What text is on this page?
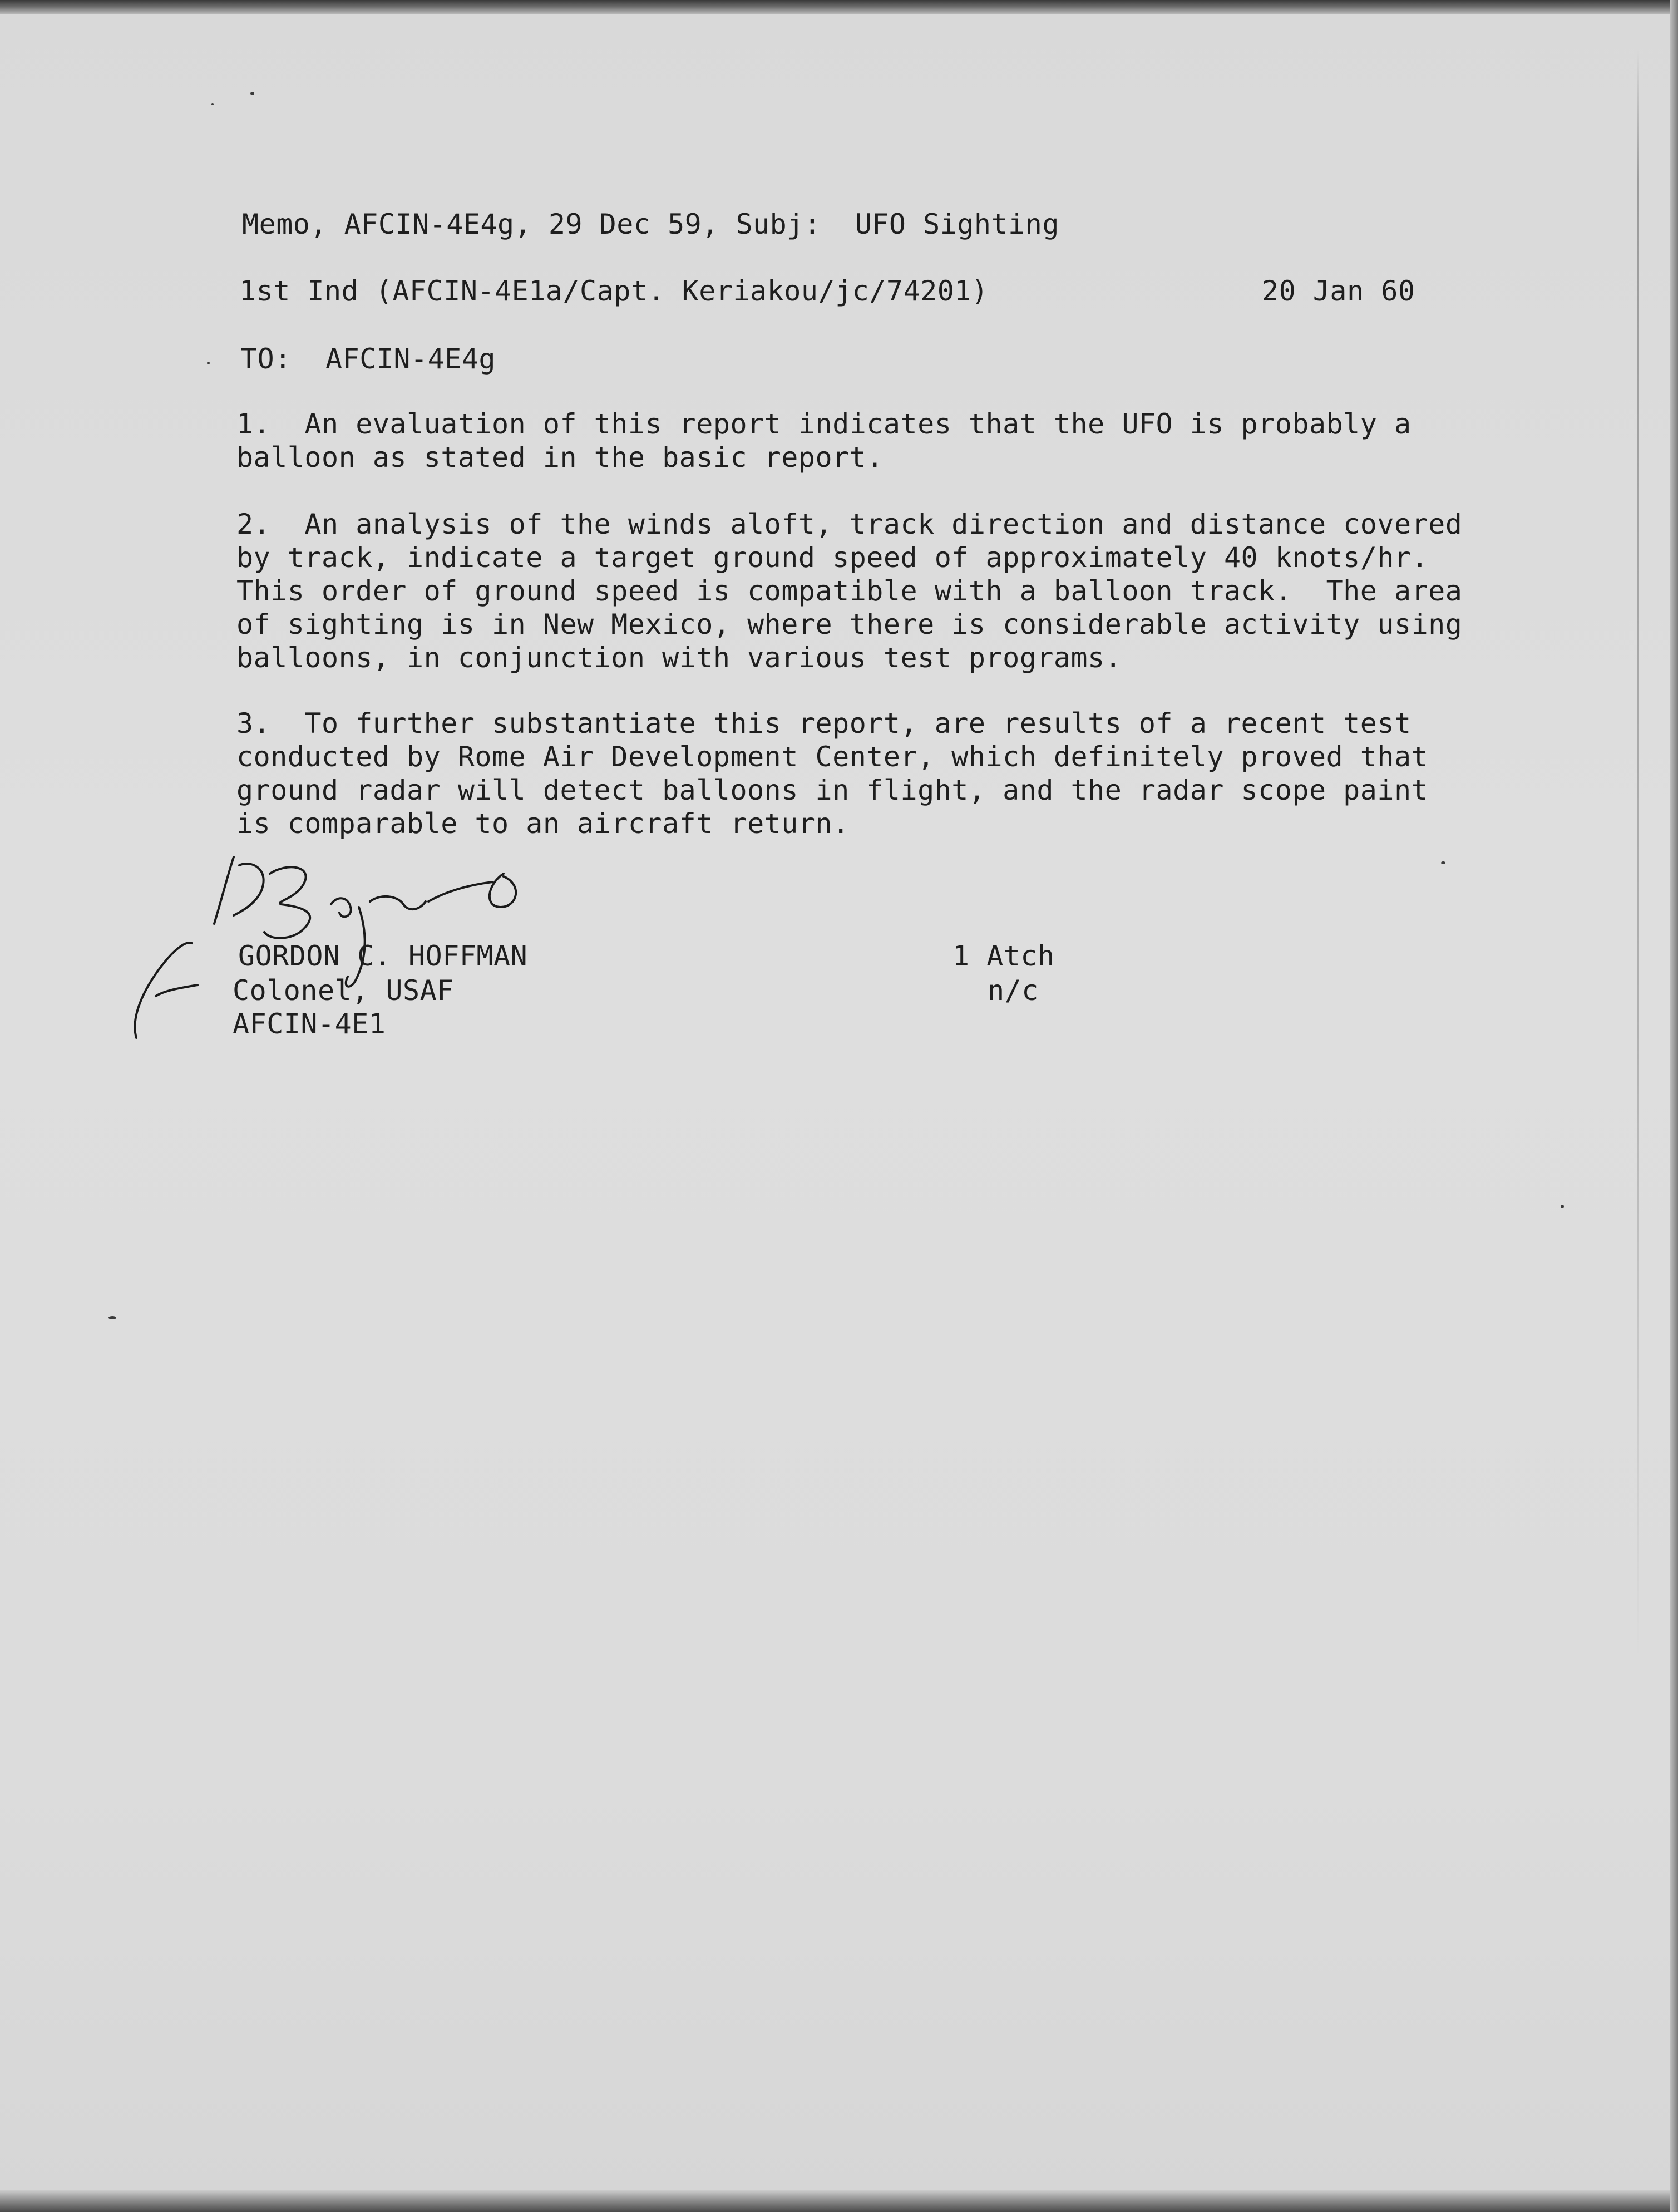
Memo, AFCIN-4E4g, 29 Dec 59, Subj:  UFO Sighting
1st Ind (AFCIN-4E1a/Capt. Keriakou/jc/74201)	20 Jan 60
TO:  AFCIN-4E4g
1.  An evaluation of this report indicates that the UFO is probably a
balloon as stated in the basic report.
2.  An analysis of the winds aloft, track direction and distance covered
by track, indicate a target ground speed of approximately 40 knots/hr.
This order of ground speed is compatible with a balloon track.  The area
of sighting is in New Mexico, where there is considerable activity using
balloons, in conjunction with various test programs.
3.  To further substantiate this report, are results of a recent test
conducted by Rome Air Development Center, which definitely proved that
ground radar will detect balloons in flight, and the radar scope paint
is comparable to an aircraft return.
GORDON C. HOFFMAN
Colonel, USAF
AFCIN-4E1
1 Atch
n/c
